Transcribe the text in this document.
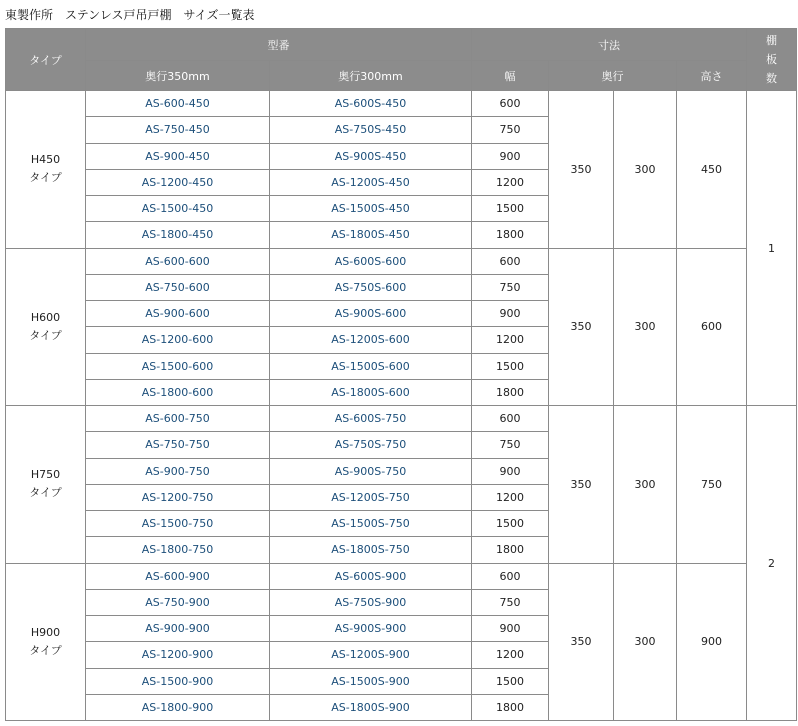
東製作所　ステンレス戸吊戸棚　サイズ一覧表
タイプ	型番		寸法				棚板数
	奥行350mm	奥行300mm	幅	奥行		高さ	

H450
タイプ	AS-600-450	AS-600S-450	600	350	300	450	1
	AS-750-450	AS-750S-450	750				
	AS-900-450	AS-900S-450	900				
	AS-1200-450	AS-1200S-450	1200				
	AS-1500-450	AS-1500S-450	1500				
	AS-1800-450	AS-1800S-450	1800				

H600
タイプ	AS-600-600	AS-600S-600	600	350	300	600	
	AS-750-600	AS-750S-600	750				
	AS-900-600	AS-900S-600	900				
	AS-1200-600	AS-1200S-600	1200				
	AS-1500-600	AS-1500S-600	1500				
	AS-1800-600	AS-1800S-600	1800				

H750
タイプ	AS-600-750	AS-600S-750	600	350	300	750	2
	AS-750-750	AS-750S-750	750				
	AS-900-750	AS-900S-750	900				
	AS-1200-750	AS-1200S-750	1200				
	AS-1500-750	AS-1500S-750	1500				
	AS-1800-750	AS-1800S-750	1800				

H900
タイプ	AS-600-900	AS-600S-900	600	350	300	900	
	AS-750-900	AS-750S-900	750				
	AS-900-900	AS-900S-900	900				
	AS-1200-900	AS-1200S-900	1200				
	AS-1500-900	AS-1500S-900	1500				
	AS-1800-900	AS-1800S-900	1800				
